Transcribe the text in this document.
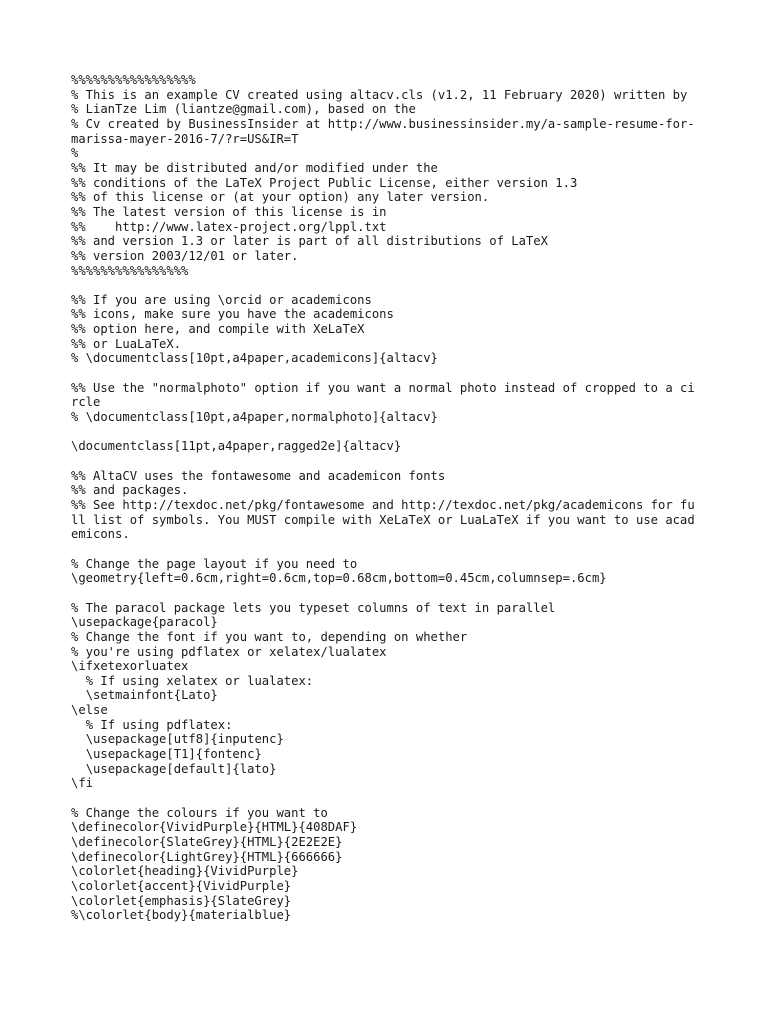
%%%%%%%%%%%%%%%%%
% This is an example CV created using altacv.cls (v1.2, 11 February 2020) written by
% LianTze Lim (liantze@gmail.com), based on the
% Cv created by BusinessInsider at http://www.businessinsider.my/a-sample-resume-for-marissa-mayer-2016-7/?r=US&IR=T
%
%% It may be distributed and/or modified under the
%% conditions of the LaTeX Project Public License, either version 1.3
%% of this license or (at your option) any later version.
%% The latest version of this license is in
%%    http://www.latex-project.org/lppl.txt
%% and version 1.3 or later is part of all distributions of LaTeX
%% version 2003/12/01 or later.
%%%%%%%%%%%%%%%%
%% If you are using \orcid or academicons
%% icons, make sure you have the academicons
%% option here, and compile with XeLaTeX
%% or LuaLaTeX.
% \documentclass[10pt,a4paper,academicons]{altacv}
%% Use the "normalphoto" option if you want a normal photo instead of cropped to a circle
% \documentclass[10pt,a4paper,normalphoto]{altacv}
\documentclass[11pt,a4paper,ragged2e]{altacv}
%% AltaCV uses the fontawesome and academicon fonts
%% and packages.
%% See http://texdoc.net/pkg/fontawesome and http://texdoc.net/pkg/academicons for full list of symbols. You MUST compile with XeLaTeX or LuaLaTeX if you want to use academicons.
% Change the page layout if you need to
\geometry{left=0.6cm,right=0.6cm,top=0.68cm,bottom=0.45cm,columnsep=.6cm}
% The paracol package lets you typeset columns of text in parallel
\usepackage{paracol}
% Change the font if you want to, depending on whether
% you're using pdflatex or xelatex/lualatex
\ifxetexorluatex
% If using xelatex or lualatex:
\setmainfont{Lato}
\else
% If using pdflatex:
\usepackage[utf8]{inputenc}
\usepackage[T1]{fontenc}
\usepackage[default]{lato}
\fi
% Change the colours if you want to
\definecolor{VividPurple}{HTML}{408DAF}
\definecolor{SlateGrey}{HTML}{2E2E2E}
\definecolor{LightGrey}{HTML}{666666}
\colorlet{heading}{VividPurple}
\colorlet{accent}{VividPurple}
\colorlet{emphasis}{SlateGrey}
%\colorlet{body}{materialblue}
